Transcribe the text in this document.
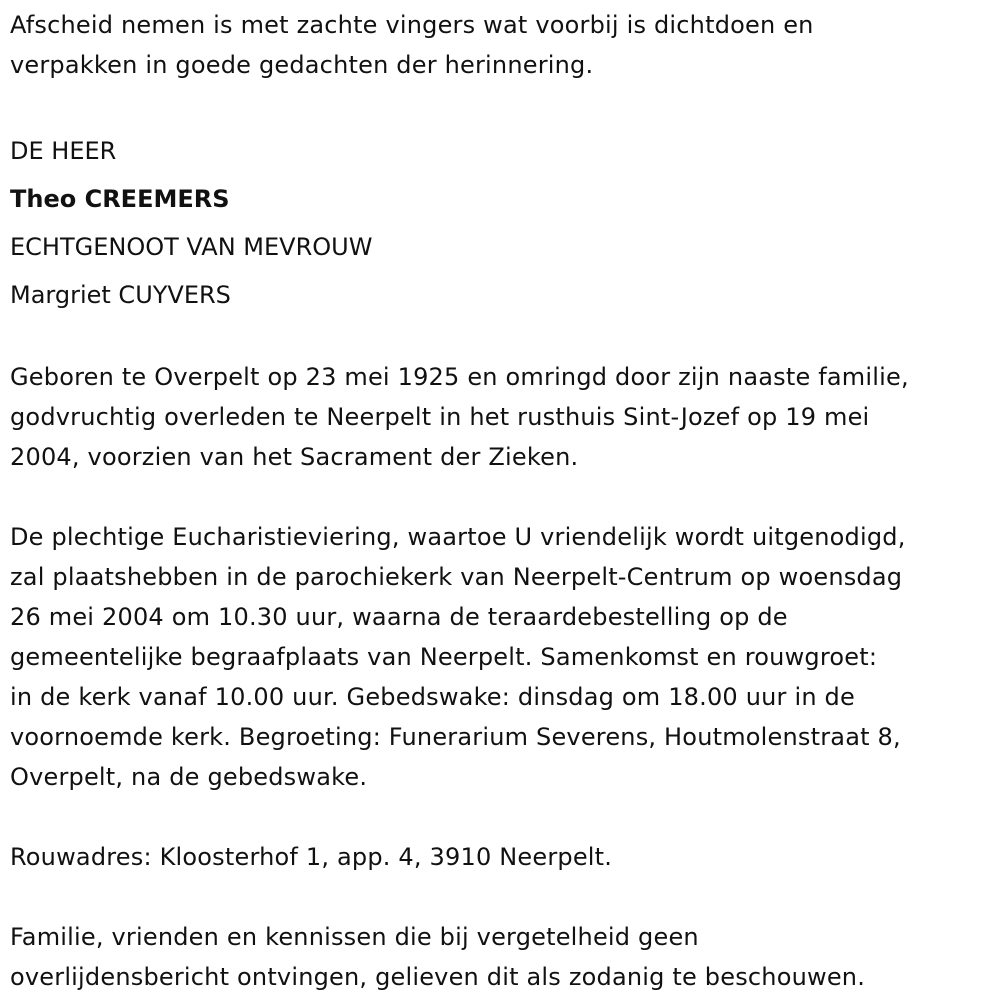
Afscheid nemen is met zachte vingers wat voorbij is dichtdoen en
verpakken in goede gedachten der herinnering.
DE HEER
Theo CREEMERS
ECHTGENOOT VAN MEVROUW
Margriet CUYVERS
Geboren te Overpelt op 23 mei 1925 en omringd door zijn naaste familie,
godvruchtig overleden te Neerpelt in het rusthuis Sint-Jozef op 19 mei
2004, voorzien van het Sacrament der Zieken.
De plechtige Eucharistieviering, waartoe U vriendelijk wordt uitgenodigd,
zal plaatshebben in de parochiekerk van Neerpelt-Centrum op woensdag
26 mei 2004 om 10.30 uur, waarna de teraardebestelling op de
gemeentelijke begraafplaats van Neerpelt. Samenkomst en rouwgroet:
in de kerk vanaf 10.00 uur. Gebedswake: dinsdag om 18.00 uur in de
voornoemde kerk. Begroeting: Funerarium Severens, Houtmolenstraat 8,
Overpelt, na de gebedswake.
Rouwadres: Kloosterhof 1, app. 4, 3910 Neerpelt.
Familie, vrienden en kennissen die bij vergetelheid geen
overlijdensbericht ontvingen, gelieven dit als zodanig te beschouwen.
